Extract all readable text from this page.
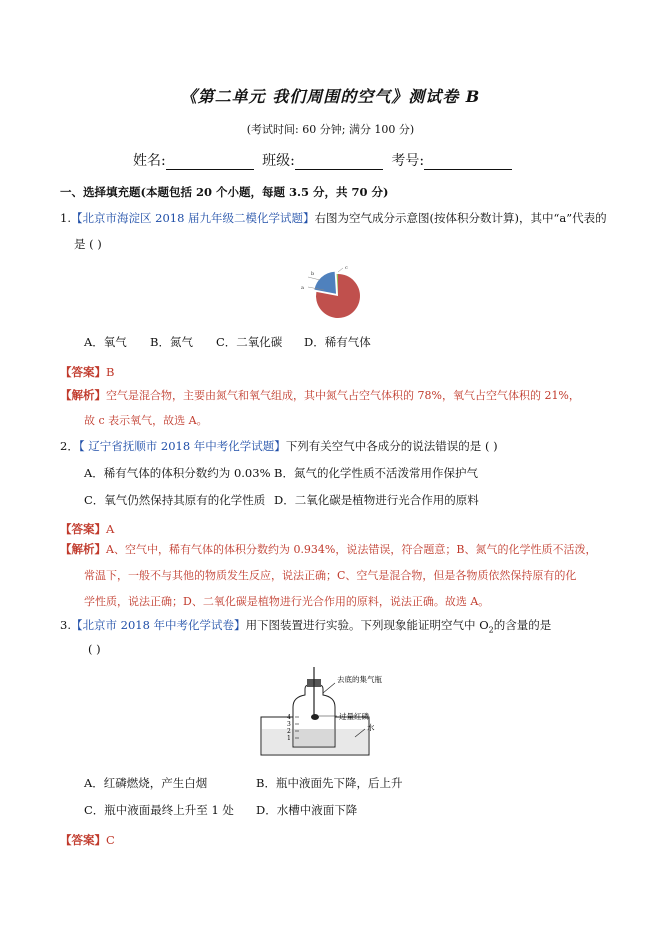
《第二单元 我们周围的空气》测试卷 B
(考试时间: 60 分钟; 满分 100 分)
姓名:	班级:	考号:
一、选择填充题(本题包括 20 个小题，每题 3.5 分，共 70 分)
1.【北京市海淀区 2018 届九年级二模化学试题】右图为空气成分示意图(按体积分数计算)，其中“a”代表的
是 ( )
b
a
c
A．氧气 B．氮气 C．二氧化碳 D．稀有气体
【答案】B
【解析】空气是混合物，主要由氮气和氧气组成，其中氮气占空气体积的 78%，氧气占空气体积的 21%，
故 c 表示氧气，故选 A。
2．【 辽宁省抚顺市 2018 年中考化学试题】下列有关空气中各成分的说法错误的是 ( )
A．稀有气体的体积分数约为 0.03% B．氮气的化学性质不活泼常用作保护气
C．氧气仍然保持其原有的化学性质 D．二氧化碳是植物进行光合作用的原料
【答案】A
【解析】A、空气中，稀有气体的体积分数约为 0.934%，说法错误，符合题意；B、氮气的化学性质不活泼，
常温下，一般不与其他的物质发生反应，说法正确；C、空气是混合物，但是各物质依然保持原有的化
学性质，说法正确；D、二氧化碳是植物进行光合作用的原料，说法正确。故选 A。
3.【北京市 2018 年中考化学试卷】用下图装置进行实验。下列现象能证明空气中 $O_2$的含量的是
( )
4
3
2
1
去底的集气瓶
过量红磷
水
A．红磷燃烧，产生白烟	B．瓶中液面先下降，后上升
C．瓶中液面最终上升至 1 处 D．水槽中液面下降
【答案】C
